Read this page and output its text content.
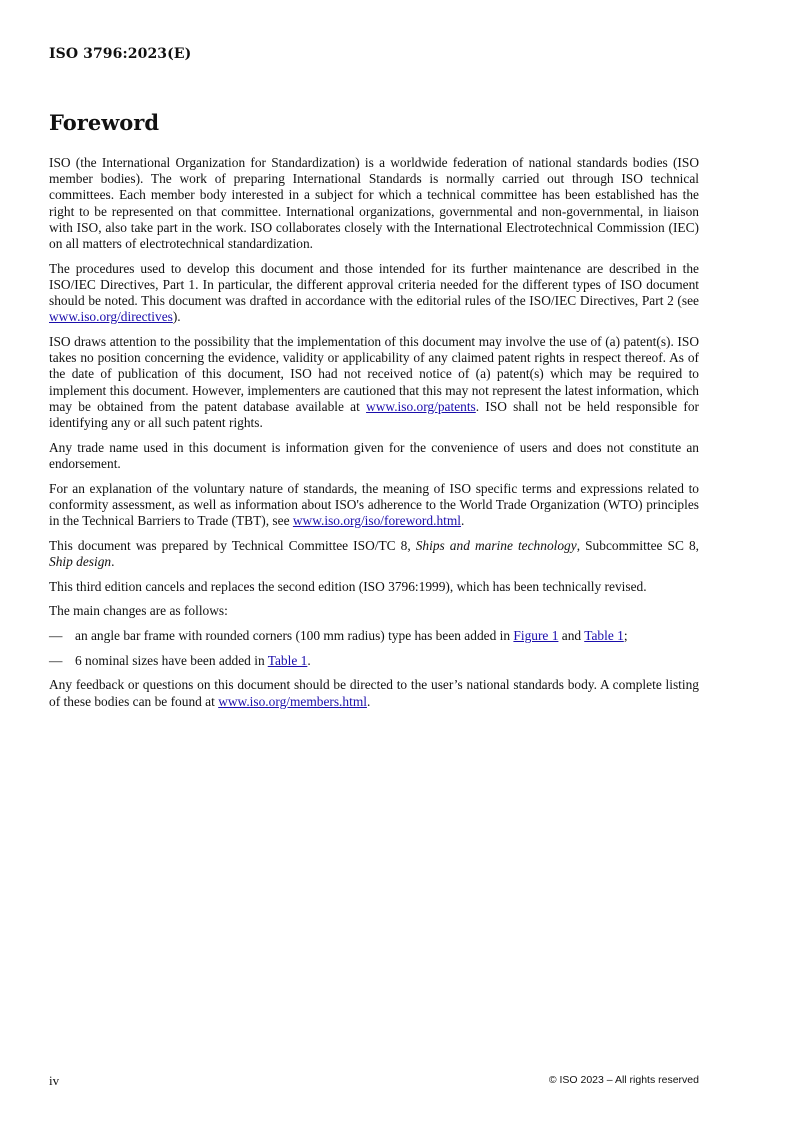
ISO 3796:2023(E)
Foreword

ISO (the International Organization for Standardization) is a worldwide federation of national standards bodies (ISO member bodies). The work of preparing International Standards is normally carried out through ISO technical committees. Each member body interested in a subject for which a technical committee has been established has the right to be represented on that committee. International organizations, governmental and non-governmental, in liaison with ISO, also take part in the work. ISO collaborates closely with the International Electrotechnical Commission (IEC) on all matters of electrotechnical standardization.

The procedures used to develop this document and those intended for its further maintenance are described in the ISO/IEC Directives, Part 1. In particular, the different approval criteria needed for the different types of ISO document should be noted. This document was drafted in accordance with the editorial rules of the ISO/IEC Directives, Part 2 (see www.iso.org/directives).

ISO draws attention to the possibility that the implementation of this document may involve the use of (a) patent(s). ISO takes no position concerning the evidence, validity or applicability of any claimed patent rights in respect thereof. As of the date of publication of this document, ISO had not received notice of (a) patent(s) which may be required to implement this document. However, implementers are cautioned that this may not represent the latest information, which may be obtained from the patent database available at www.iso.org/patents. ISO shall not be held responsible for identifying any or all such patent rights.

Any trade name used in this document is information given for the convenience of users and does not constitute an endorsement.

For an explanation of the voluntary nature of standards, the meaning of ISO specific terms and expressions related to conformity assessment, as well as information about ISO's adherence to the World Trade Organization (WTO) principles in the Technical Barriers to Trade (TBT), see www.iso.org/iso/foreword.html.

This document was prepared by Technical Committee ISO/TC 8, Ships and marine technology, Subcommittee SC 8, Ship design.

This third edition cancels and replaces the second edition (ISO 3796:1999), which has been technically revised.

The main changes are as follows:

— an angle bar frame with rounded corners (100 mm radius) type has been added in Figure 1 and Table 1;
— 6 nominal sizes have been added in Table 1.

Any feedback or questions on this document should be directed to the user’s national standards body. A complete listing of these bodies can be found at www.iso.org/members.html.

iv	© ISO 2023 – All rights reserved
